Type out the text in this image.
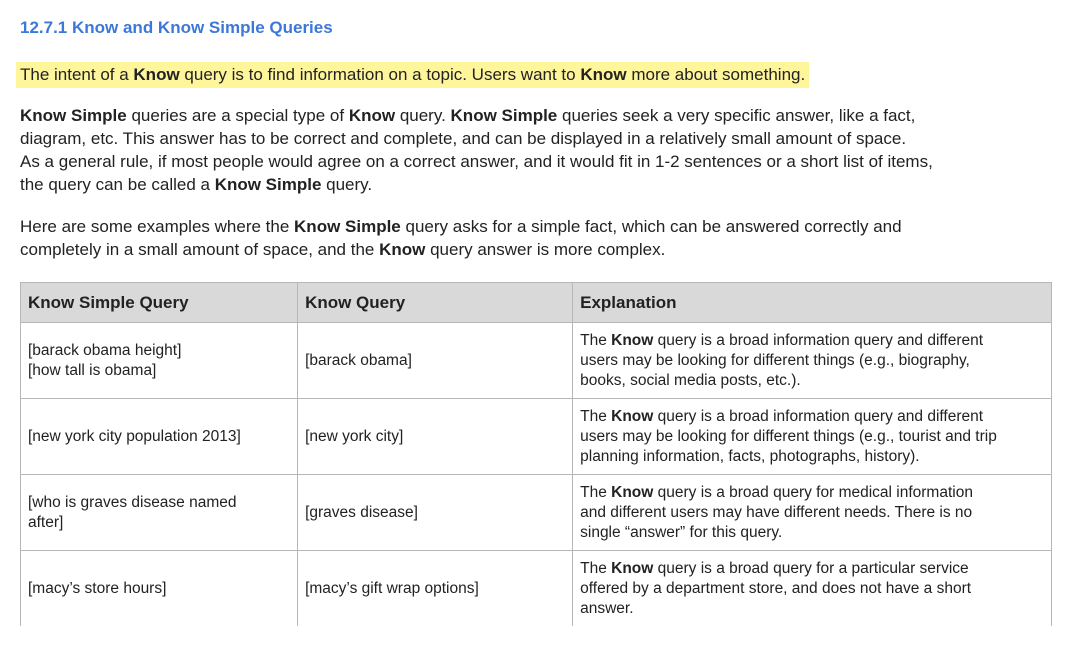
12.7.1 Know and Know Simple Queries
The intent of a Know query is to find information on a topic. Users want to Know more about something.

Know Simple queries are a special type of Know query. Know Simple queries seek a very specific answer, like a fact,
diagram, etc. This answer has to be correct and complete, and can be displayed in a relatively small amount of space.
As a general rule, if most people would agree on a correct answer, and it would fit in 1-2 sentences or a short list of items,
the query can be called a Know Simple query.

Here are some examples where the Know Simple query asks for a simple fact, which can be answered correctly and
completely in a small amount of space, and the Know query answer is more complex.

Know Simple Query	Know Query	Explanation
[barack obama height]
[how tall is obama]	[barack obama]	The Know query is a broad information query and different
users may be looking for different things (e.g., biography,
books, social media posts, etc.).
[new york city population 2013]	[new york city]	The Know query is a broad information query and different
users may be looking for different things (e.g., tourist and trip
planning information, facts, photographs, history).
[who is graves disease named
after]	[graves disease]	The Know query is a broad query for medical information
and different users may have different needs. There is no
single “answer” for this query.
[macy’s store hours]	[macy’s gift wrap options]	The Know query is a broad query for a particular service
offered by a department store, and does not have a short
answer.
